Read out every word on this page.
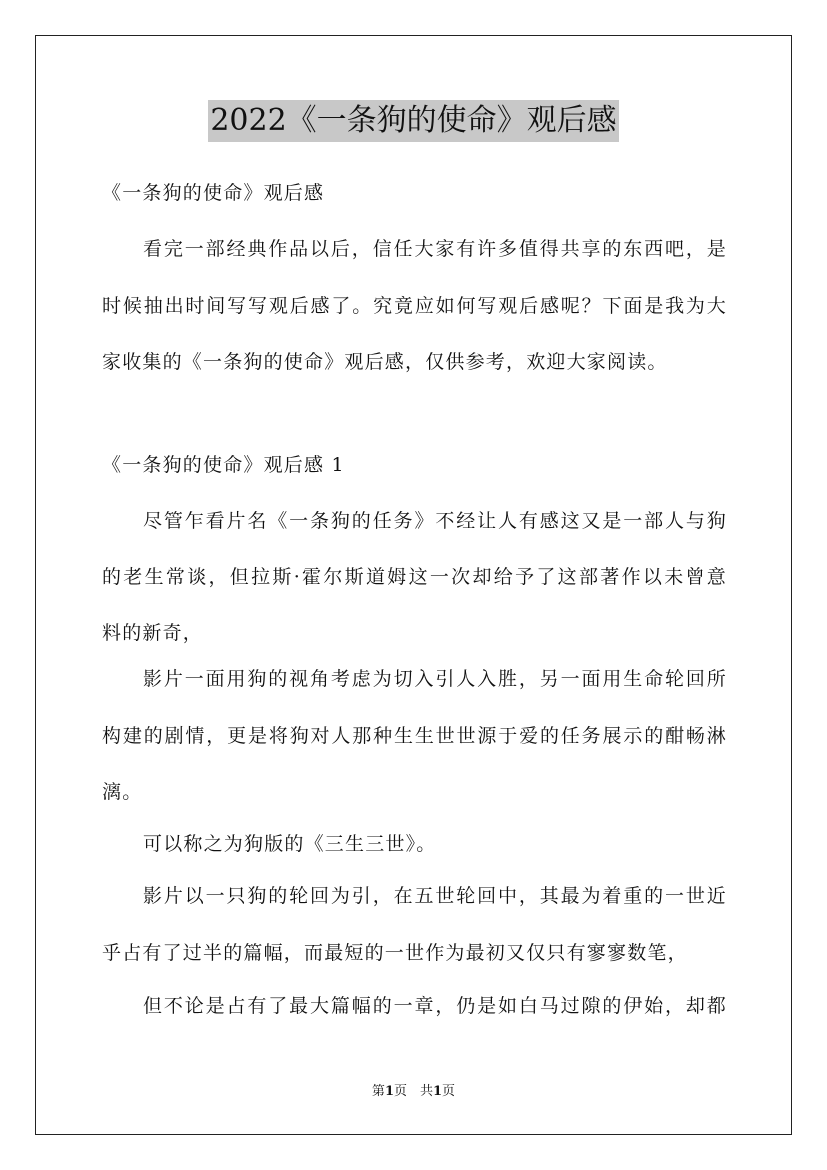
2022《一条狗的使命》观后感
《一条狗的使命》观后感
看完一部经典作品以后，信任大家有许多值得共享的东西吧，是
时候抽出时间写写观后感了。究竟应如何写观后感呢？下面是我为大
家收集的《一条狗的使命》观后感，仅供参考，欢迎大家阅读。
《一条狗的使命》观后感 1
尽管乍看片名《一条狗的任务》不经让人有感这又是一部人与狗
的老生常谈，但拉斯·霍尔斯道姆这一次却给予了这部著作以未曾意
料的新奇，
影片一面用狗的视角考虑为切入引人入胜，另一面用生命轮回所
构建的剧情，更是将狗对人那种生生世世源于爱的任务展示的酣畅淋
漓。
可以称之为狗版的《三生三世》。
影片以一只狗的轮回为引，在五世轮回中，其最为着重的一世近
乎占有了过半的篇幅，而最短的一世作为最初又仅只有寥寥数笔，
但不论是占有了最大篇幅的一章，仍是如白马过隙的伊始，却都
第1页　共1页
